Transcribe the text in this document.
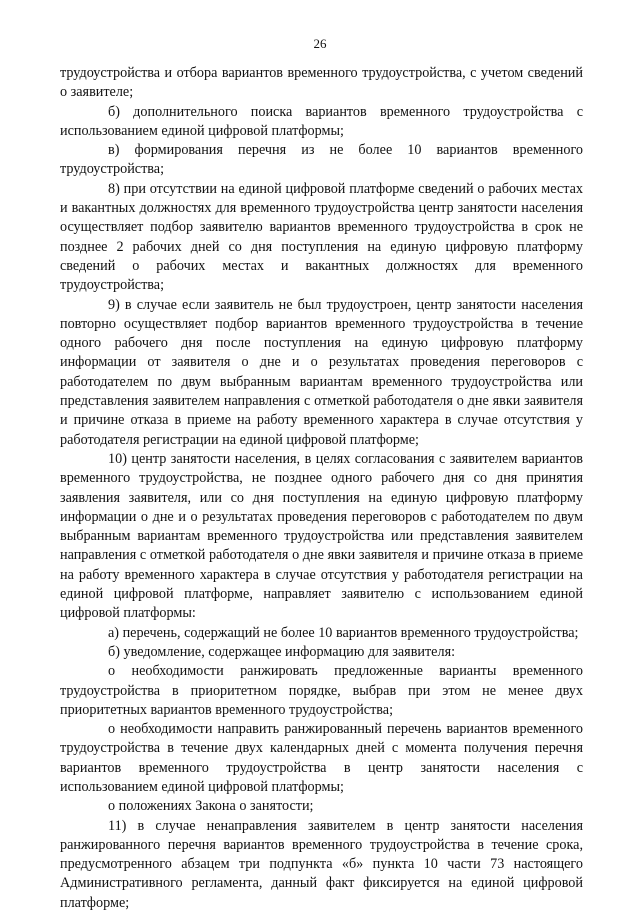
26

трудоустройства и отбора вариантов временного трудоустройства, с учетом сведений о заявителе;

б) дополнительного поиска вариантов временного трудоустройства с использованием единой цифровой платформы;

в) формирования перечня из не более 10 вариантов временного трудоустройства;

8) при отсутствии на единой цифровой платформе сведений о рабочих местах и вакантных должностях для временного трудоустройства центр занятости населения осуществляет подбор заявителю вариантов временного трудоустройства в срок не позднее 2 рабочих дней со дня поступления на единую цифровую платформу сведений о рабочих местах и вакантных должностях для временного трудоустройства;

9) в случае если заявитель не был трудоустроен, центр занятости населения повторно осуществляет подбор вариантов временного трудоустройства в течение одного рабочего дня после поступления на единую цифровую платформу информации от заявителя о дне и о результатах проведения переговоров с работодателем по двум выбранным вариантам временного трудоустройства или представления заявителем направления с отметкой работодателя о дне явки заявителя и причине отказа в приеме на работу временного характера в случае отсутствия у работодателя регистрации на единой цифровой платформе;

10) центр занятости населения, в целях согласования с заявителем вариантов временного трудоустройства, не позднее одного рабочего дня со дня принятия заявления заявителя, или со дня поступления на единую цифровую платформу информации о дне и о результатах проведения переговоров с работодателем по двум выбранным вариантам временного трудоустройства или представления заявителем направления с отметкой работодателя о дне явки заявителя и причине отказа в приеме на работу временного характера в случае отсутствия у работодателя регистрации на единой цифровой платформе, направляет заявителю с использованием единой цифровой платформы:

а) перечень, содержащий не более 10 вариантов временного трудоустройства;

б) уведомление, содержащее информацию для заявителя:

о необходимости ранжировать предложенные варианты временного трудоустройства в приоритетном порядке, выбрав при этом не менее двух приоритетных вариантов временного трудоустройства;

о необходимости направить ранжированный перечень вариантов временного трудоустройства в течение двух календарных дней с момента получения перечня вариантов временного трудоустройства в центр занятости населения с использованием единой цифровой платформы;

о положениях Закона о занятости;

11) в случае ненаправления заявителем в центр занятости населения ранжированного перечня вариантов временного трудоустройства в течение срока, предусмотренного абзацем три подпункта «б» пункта 10 части 73 настоящего Административного регламента, данный факт фиксируется на единой цифровой платформе;
